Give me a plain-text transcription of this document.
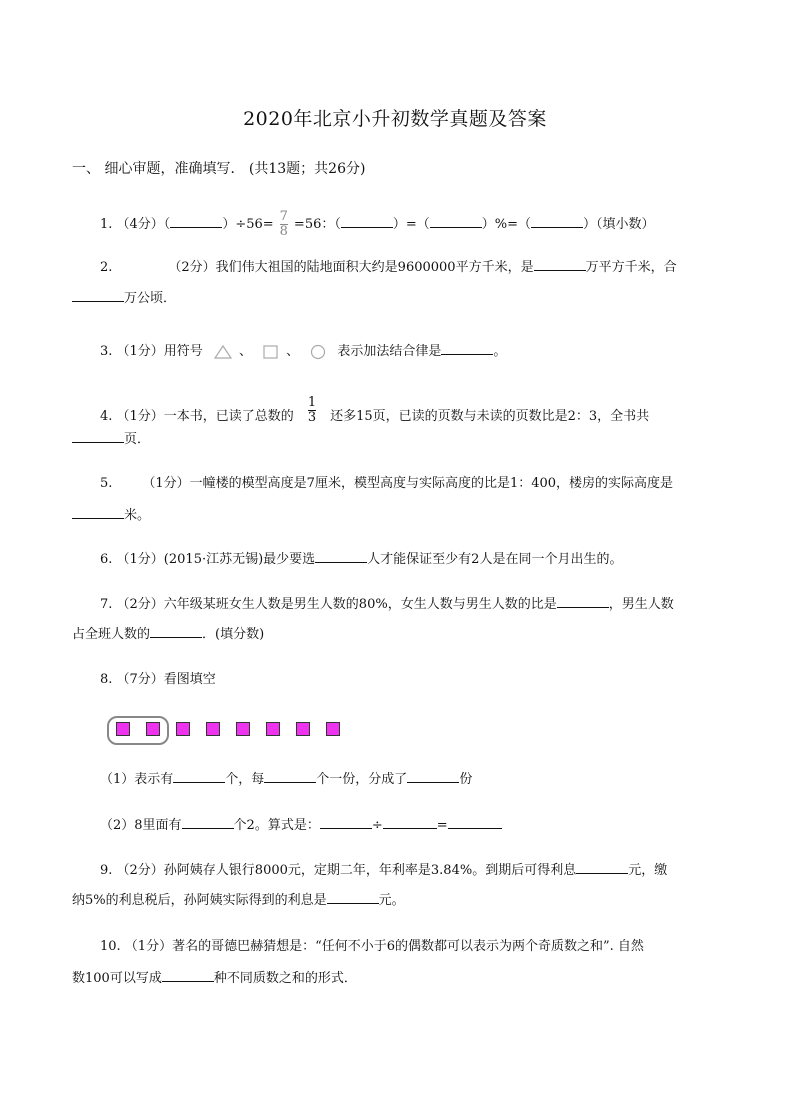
2020年北京小升初数学真题及答案
一、 细心审题，准确填写． (共13题；共26分)
1. （4分）（	）$\div 56= \frac{7}{8} =56$：（	）=（	）%=（	）（填小数）
2.	（2分）我们伟大祖国的陆地面积大约是9600000平方千米，是	万平方千米，合
万公顷．
3. （1分）用符号	、	、	表示加法结合律是	。
4. （1分）一本书，已读了总数的 $\frac{1}{3}$ 还多15页，已读的页数与未读的页数比是2：3，全书共
页．
5. （1分）一幢楼的模型高度是7厘米，模型高度与实际高度的比是1：400，楼房的实际高度是
米。
6. （1分）(2015·江苏无锡)最少要选	人才能保证至少有2人是在同一个月出生的。
7. （2分）六年级某班女生人数是男生人数的80%，女生人数与男生人数的比是	，男生人数
占全班人数的	．(填分数)
8. （7分）看图填空
（1）表示有	个，每	个一份，分成了	份
（2）8里面有	个2。算式是：	÷	=
9. （2分）孙阿姨存人银行8000元，定期二年，年利率是3.84%。到期后可得利息	元，缴
纳5%的利息税后，孙阿姨实际得到的利息是	元。
10. （1分）著名的哥德巴赫猜想是：“任何不小于6的偶数都可以表示为两个奇质数之和”. 自然
数100可以写成	种不同质数之和的形式．
